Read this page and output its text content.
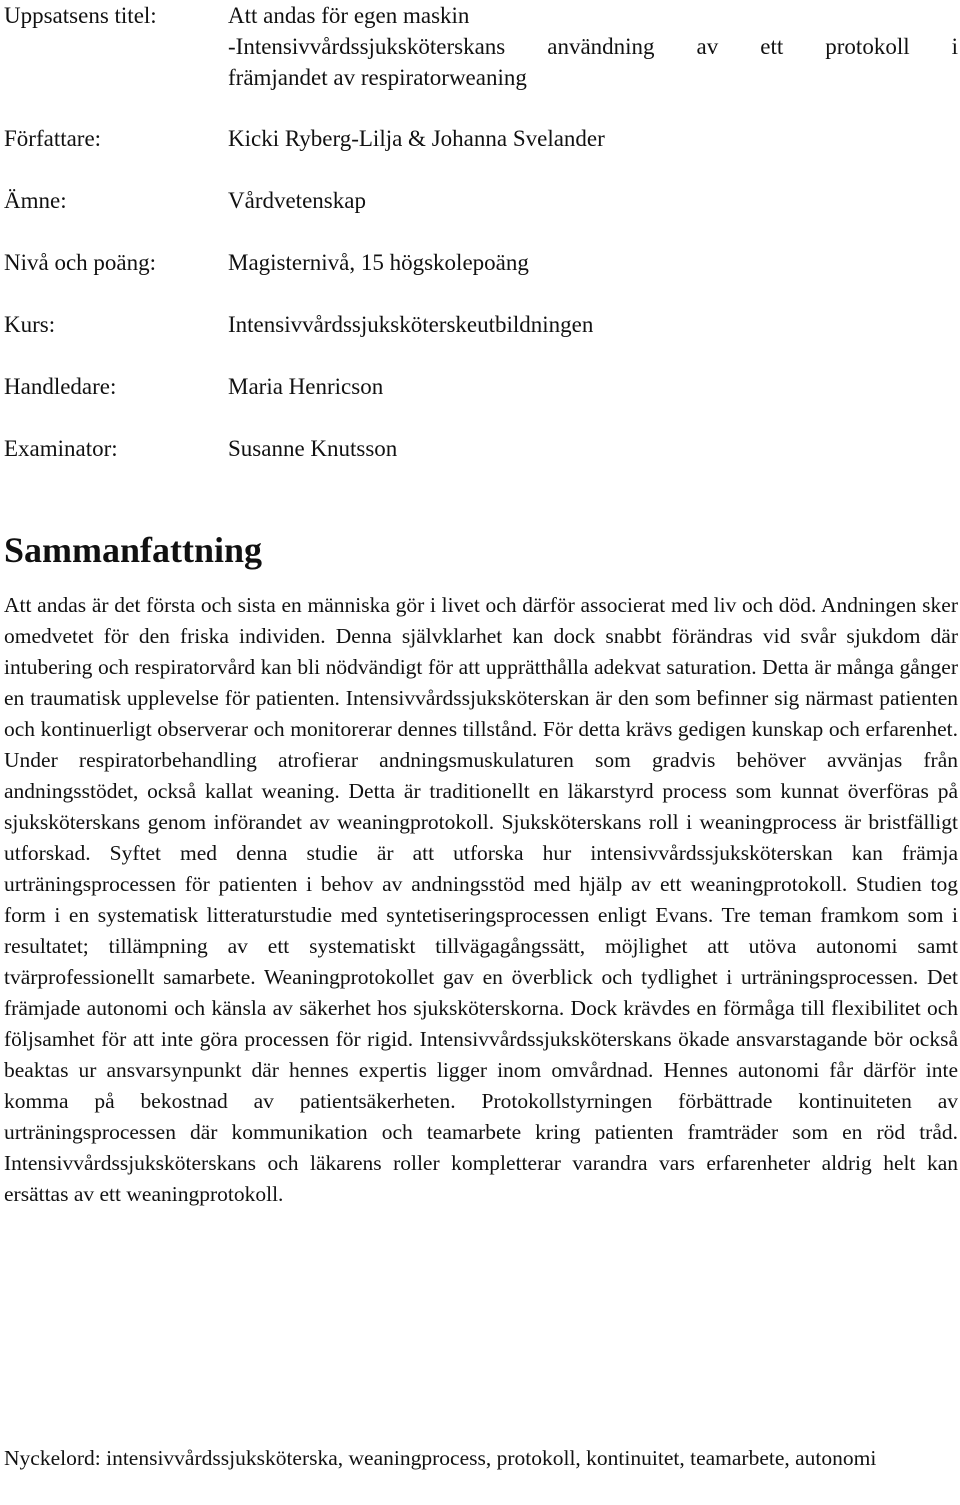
Uppsatsens titel:	Att andas för egen maskin
-Intensivvårdssjuksköterskans användning av ett protokoll i
främjandet av respiratorweaning
Författare:	Kicki Ryberg-Lilja & Johanna Svelander
Ämne:	Vårdvetenskap
Nivå och poäng:	Magisternivå, 15 högskolepoäng
Kurs:	Intensivvårdssjuksköterskeutbildningen
Handledare:	Maria Henricson
Examinator:	Susanne Knutsson
Sammanfattning

Att andas är det första och sista en människa gör i livet och därför associerat med liv och död. Andningen sker omedvetet för den friska individen. Denna självklarhet kan dock snabbt förändras vid svår sjukdom där intubering och respiratorvård kan bli nödvändigt för att upprätthålla adekvat saturation. Detta är många gånger en traumatisk upplevelse för patienten. Intensivvårdssjuksköterskan är den som befinner sig närmast patienten och kontinuerligt observerar och monitorerar dennes tillstånd. För detta krävs gedigen kunskap och erfarenhet. Under respiratorbehandling atrofierar andningsmuskulaturen som gradvis behöver avvänjas från andningsstödet, också kallat weaning. Detta är traditionellt en läkarstyrd process som kunnat överföras på sjuksköterskans genom införandet av weaningprotokoll. Sjuksköterskans roll i weaningprocess är bristfälligt utforskad. Syftet med denna studie är att utforska hur intensivvårdssjuksköterskan kan främja urträningsprocessen för patienten i behov av andningsstöd med hjälp av ett weaningprotokoll. Studien tog form i en systematisk litteraturstudie med syntetiseringsprocessen enligt Evans. Tre teman framkom som i resultatet; tillämpning av ett systematiskt tillvägagångssätt, möjlighet att utöva autonomi samt tvärprofessionellt samarbete. Weaningprotokollet gav en överblick och tydlighet i urträningsprocessen. Det främjade autonomi och känsla av säkerhet hos sjuksköterskorna. Dock krävdes en förmåga till flexibilitet och följsamhet för att inte göra processen för rigid. Intensivvårdssjuksköterskans ökade ansvarstagande bör också beaktas ur ansvarsynpunkt där hennes expertis ligger inom omvårdnad. Hennes autonomi får därför inte komma på bekostnad av patientsäkerheten. Protokollstyrningen förbättrade kontinuiteten av urträningsprocessen där kommunikation och teamarbete kring patienten framträder som en röd tråd. Intensivvårdssjuksköterskans och läkarens roller kompletterar varandra vars erfarenheter aldrig helt kan ersättas av ett weaningprotokoll.

Nyckelord: intensivvårdssjuksköterska, weaningprocess, protokoll, kontinuitet, teamarbete, autonomi
